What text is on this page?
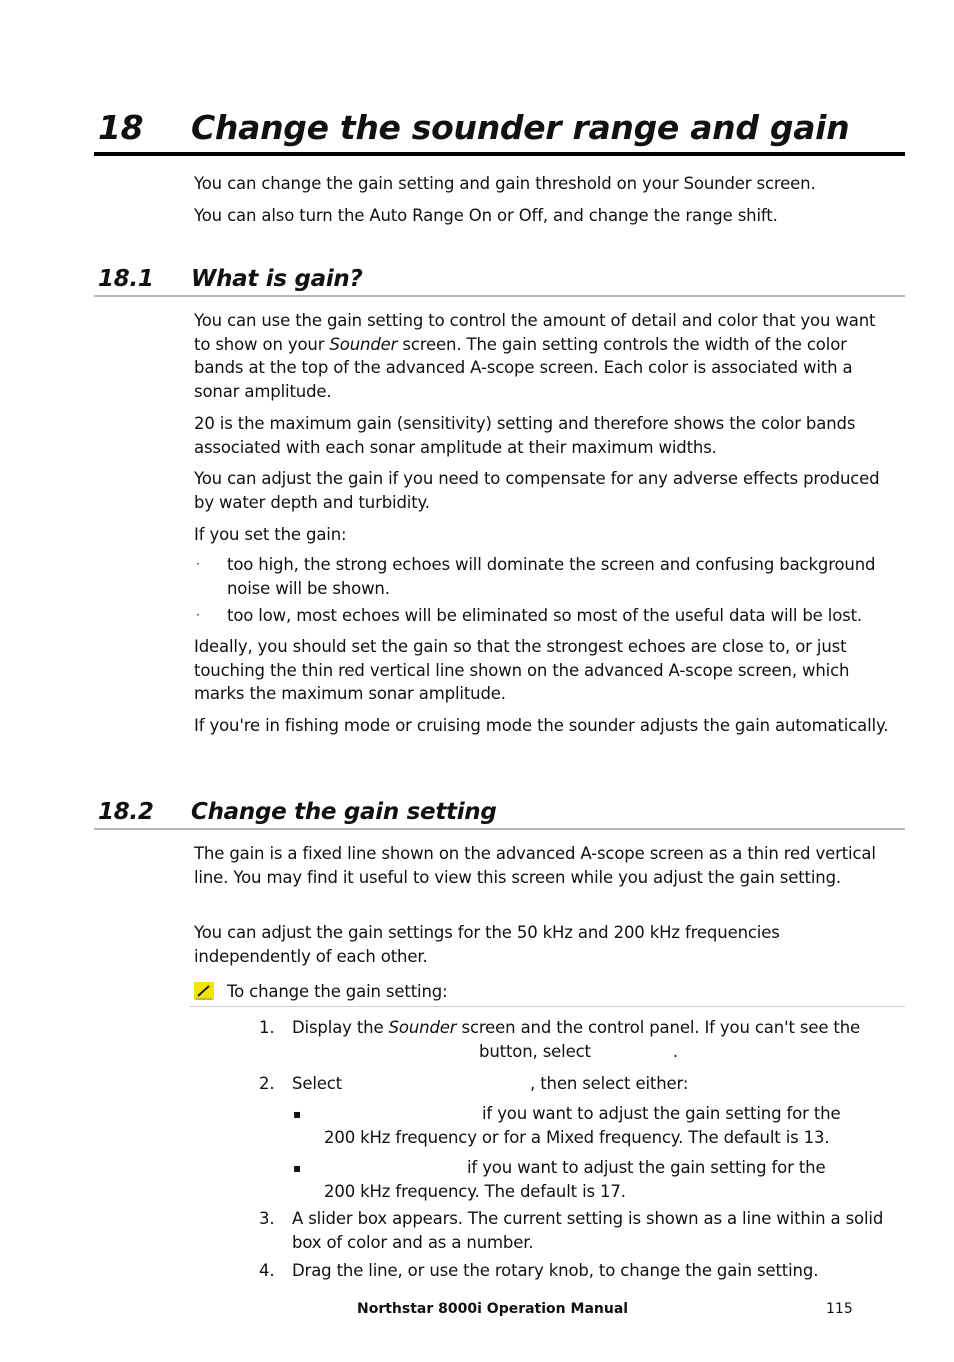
18 Change the sounder range and gain
You can change the gain setting and gain threshold on your Sounder screen.
You can also turn the Auto Range On or Off, and change the range shift.
18.1 What is gain?
You can use the gain setting to control the amount of detail and color that you want to show on your Sounder screen. The gain setting controls the width of the color bands at the top of the advanced A-scope screen. Each color is associated with a sonar amplitude.
20 is the maximum gain (sensitivity) setting and therefore shows the color bands associated with each sonar amplitude at their maximum widths.
You can adjust the gain if you need to compensate for any adverse effects produced by water depth and turbidity.
If you set the gain:
· too high, the strong echoes will dominate the screen and confusing background noise will be shown.
· too low, most echoes will be eliminated so most of the useful data will be lost.
Ideally, you should set the gain so that the strongest echoes are close to, or just touching the thin red vertical line shown on the advanced A-scope screen, which marks the maximum sonar amplitude.
If you're in fishing mode or cruising mode the sounder adjusts the gain automatically.
18.2 Change the gain setting
The gain is a fixed line shown on the advanced A-scope screen as a thin red vertical line. You may find it useful to view this screen while you adjust the gain setting.
You can adjust the gain settings for the 50 kHz and 200 kHz frequencies independently of each other.
To change the gain setting:
1. Display the Sounder screen and the control panel. If you can't see the
button, select	.
2. Select	, then select either:
▪	if you want to adjust the gain setting for the
200 kHz frequency or for a Mixed frequency. The default is 13.
▪	if you want to adjust the gain setting for the
200 kHz frequency. The default is 17.
3. A slider box appears. The current setting is shown as a line within a solid box of color and as a number.
4. Drag the line, or use the rotary knob, to change the gain setting.
Northstar 8000i Operation Manual	115
